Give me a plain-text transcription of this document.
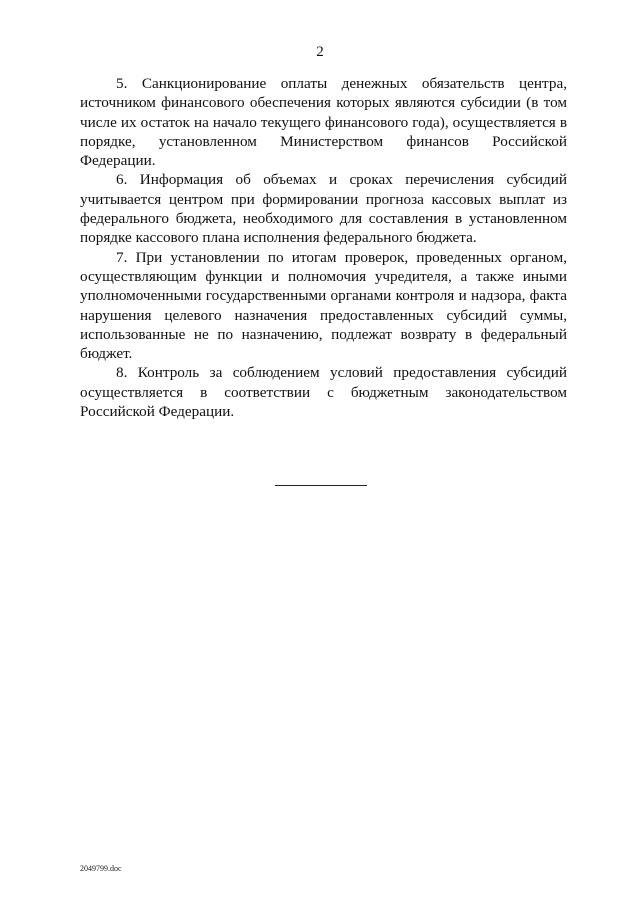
2

5. Санкционирование оплаты денежных обязательств центра, источником финансового обеспечения которых являются субсидии (в том числе их остаток на начало текущего финансового года), осуществляется в порядке, установленном Министерством финансов Российской Федерации.

6. Информация об объемах и сроках перечисления субсидий учитывается центром при формировании прогноза кассовых выплат из федерального бюджета, необходимого для составления в установленном порядке кассового плана исполнения федерального бюджета.

7. При установлении по итогам проверок, проведенных органом, осуществляющим функции и полномочия учредителя, а также иными уполномоченными государственными органами контроля и надзора, факта нарушения целевого назначения предоставленных субсидий суммы, использованные не по назначению, подлежат возврату в федеральный бюджет.

8. Контроль за соблюдением условий предоставления субсидий осуществляется в соответствии с бюджетным законодательством Российской Федерации.

2049799.doc
